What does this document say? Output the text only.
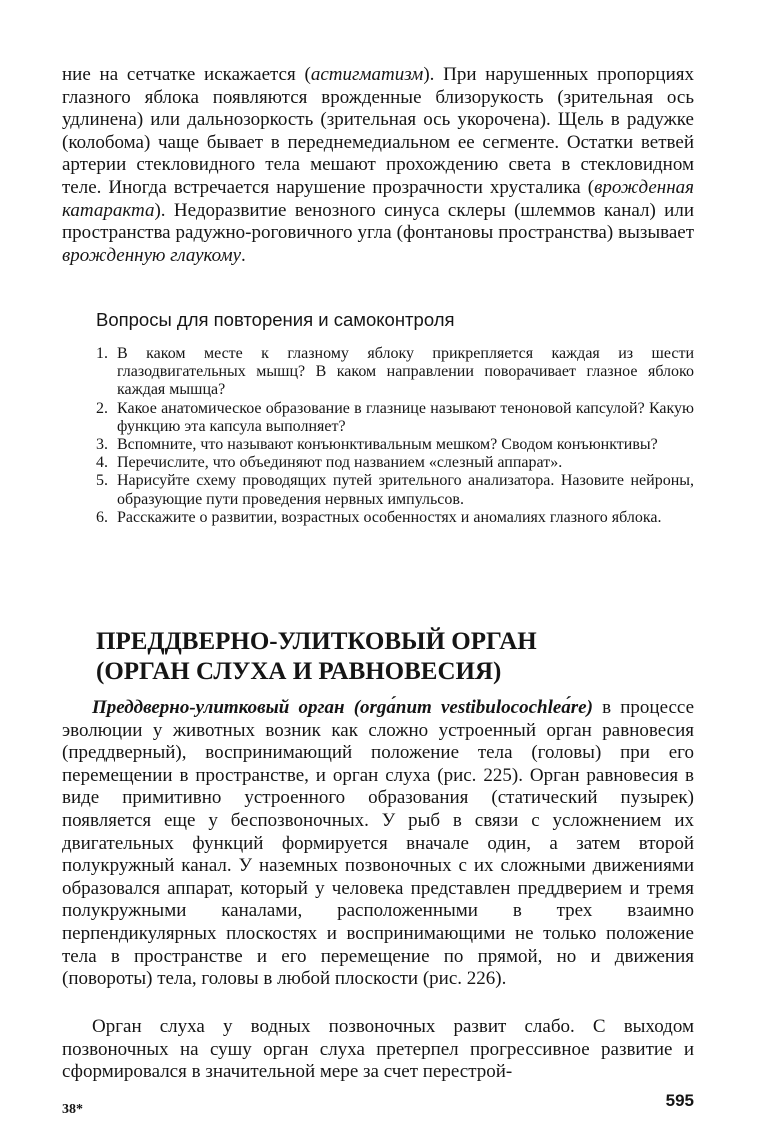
ние на сетчатке искажается (астигматизм). При нарушенных пропорциях глазного яблока появляются врожденные близорукость (зрительная ось удлинена) или дальнозоркость (зрительная ось укорочена). Щель в радужке (колобома) чаще бывает в переднемедиальном ее сегменте. Остатки ветвей артерии стекловидного тела мешают прохождению света в стекловидном теле. Иногда встречается нарушение прозрачности хрусталика (врожденная катаракта). Недоразвитие венозного синуса склеры (шлеммов канал) или пространства радужно-роговичного угла (фонтановы пространства) вызывает врожденную глаукому.

Вопросы для повторения и самоконтроля
1. В каком месте к глазному яблоку прикрепляется каждая из шести глазодвигательных мышц? В каком направлении поворачивает глазное яблоко каждая мышца?
2. Какое анатомическое образование в глазнице называют теноновой капсулой? Какую функцию эта капсула выполняет?
3. Вспомните, что называют конъюнктивальным мешком? Сводом конъюнктивы?
4. Перечислите, что объединяют под названием «слезный аппарат».
5. Нарисуйте схему проводящих путей зрительного анализатора. Назовите нейроны, образующие пути проведения нервных импульсов.
6. Расскажите о развитии, возрастных особенностях и аномалиях глазного яблока.
ПРЕДДВЕРНО-УЛИТКОВЫЙ ОРГАН
(ОРГАН СЛУХА И РАВНОВЕСИЯ)

Преддверно-улитковый орган (orgа́num vestibulocochleа́re) в процессе эволюции у животных возник как сложно устроенный орган равновесия (преддверный), воспринимающий положение тела (головы) при его перемещении в пространстве, и орган слуха (рис. 225). Орган равновесия в виде примитивно устроенного образования (статический пузырек) появляется еще у беспозвоночных. У рыб в связи с усложнением их двигательных функций формируется вначале один, а затем второй полукружный канал. У наземных позвоночных с их сложными движениями образовался аппарат, который у человека представлен преддверием и тремя полукружными каналами, расположенными в трех взаимно перпендикулярных плоскостях и воспринимающими не только положение тела в пространстве и его перемещение по прямой, но и движения (повороты) тела, головы в любой плоскости (рис. 226).

Орган слуха у водных позвоночных развит слабо. С выходом позвоночных на сушу орган слуха претерпел прогрессивное развитие и сформировался в значительной мере за счет перестрой-

38*	595
